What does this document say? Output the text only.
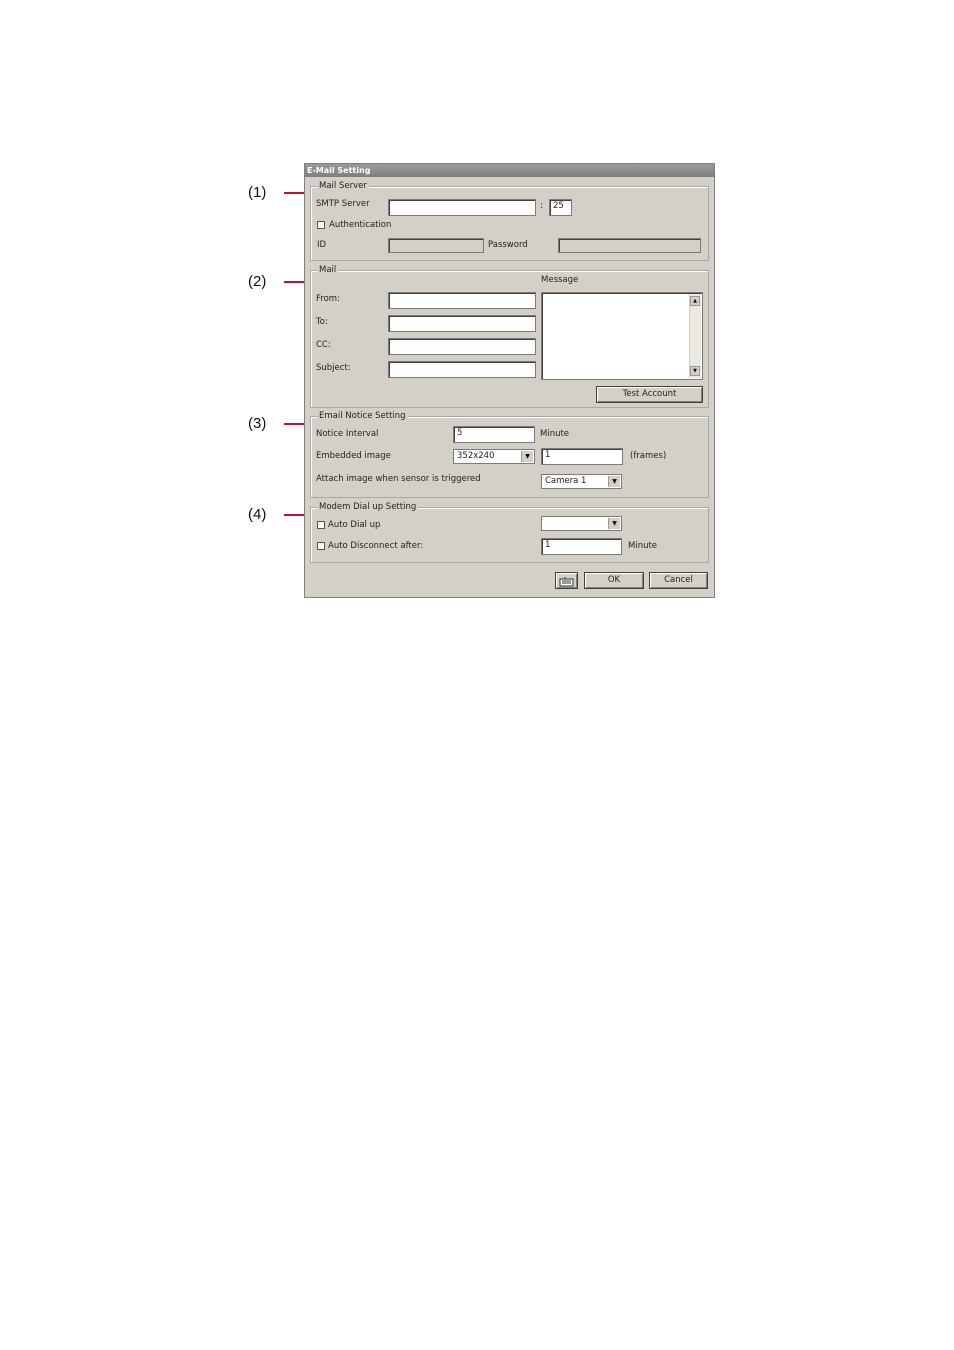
(1)
(2)
(3)
(4)
E-Mail Setting
Mail Server
SMTP Server	:	25
Authentication
ID	Password
Mail
Message
From:
To:
CC:
Subject:
▲
▼
Test Account
Email Notice Setting
Notice Interval	5	Minute
Embedded image	352x240	▼	1	(frames)
Attach image when sensor is triggered	Camera 1	▼
Modem Dial up Setting
Auto Dial up	▼
Auto Disconnect after:	1	Minute
OK	Cancel
